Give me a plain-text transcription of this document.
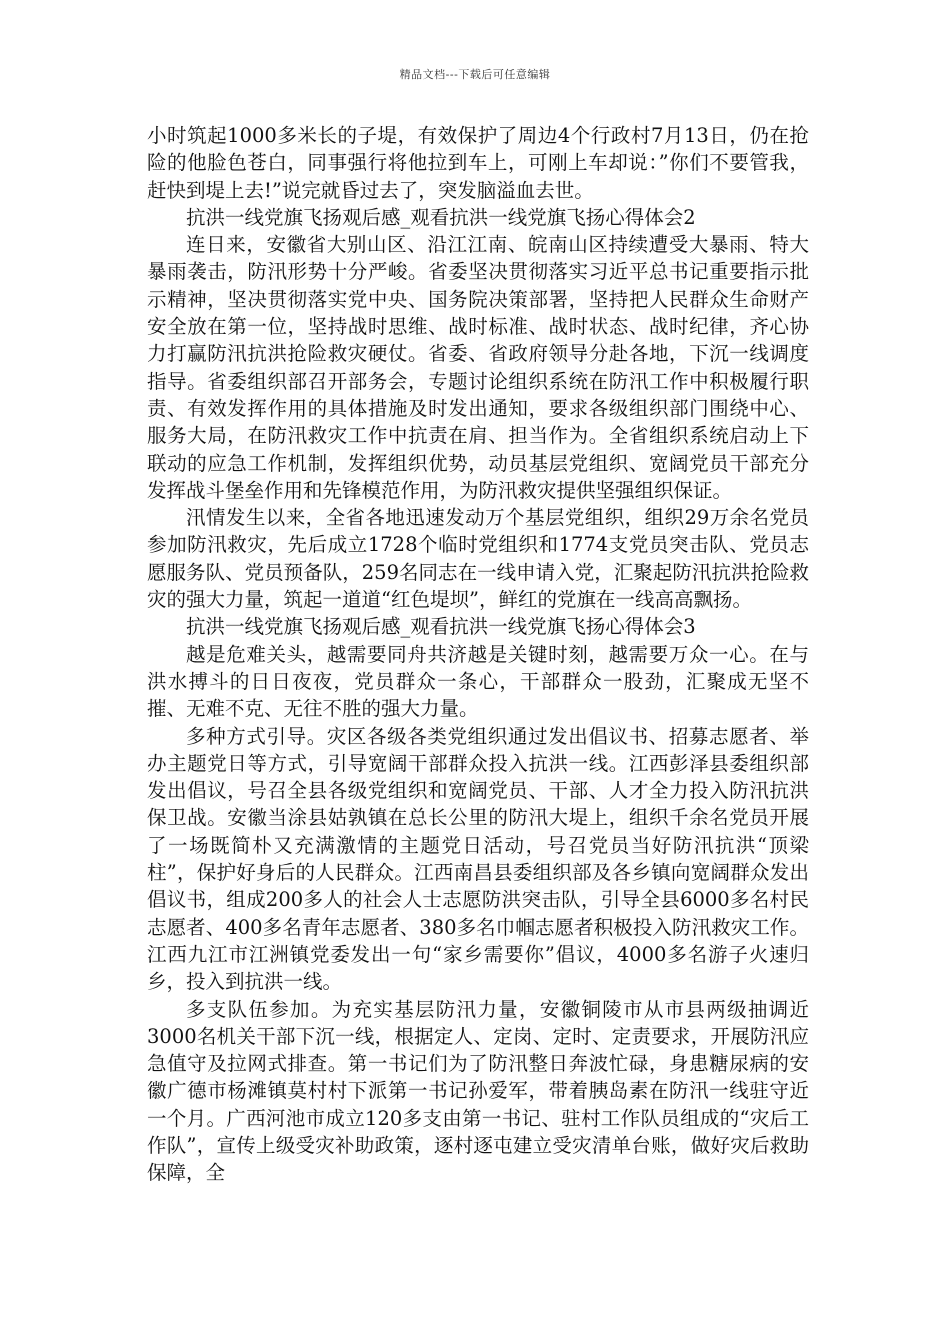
精品文档---下载后可任意编辑

小时筑起1000多米长的子堤，有效保护了周边4个行政村7月13日，仍在抢险的他脸色苍白，同事强行将他拉到车上，可刚上车却说：”你们不要管我，赶快到堤上去!”说完就昏过去了，突发脑溢血去世。

抗洪一线党旗飞扬观后感_观看抗洪一线党旗飞扬心得体会2

连日来，安徽省大别山区、沿江江南、皖南山区持续遭受大暴雨、特大暴雨袭击，防汛形势十分严峻。省委坚决贯彻落实习近平总书记重要指示批示精神，坚决贯彻落实党中央、国务院决策部署，坚持把人民群众生命财产安全放在第一位，坚持战时思维、战时标准、战时状态、战时纪律，齐心协力打赢防汛抗洪抢险救灾硬仗。省委、省政府领导分赴各地，下沉一线调度指导。省委组织部召开部务会，专题讨论组织系统在防汛工作中积极履行职责、有效发挥作用的具体措施及时发出通知，要求各级组织部门围绕中心、服务大局，在防汛救灾工作中抗责在肩、担当作为。全省组织系统启动上下联动的应急工作机制，发挥组织优势，动员基层党组织、宽阔党员干部充分发挥战斗堡垒作用和先锋模范作用，为防汛救灾提供坚强组织保证。

汛情发生以来，全省各地迅速发动万个基层党组织，组织29万余名党员参加防汛救灾，先后成立1728个临时党组织和1774支党员突击队、党员志愿服务队、党员预备队，259名同志在一线申请入党，汇聚起防汛抗洪抢险救灾的强大力量，筑起一道道“红色堤坝”，鲜红的党旗在一线高高飘扬。

抗洪一线党旗飞扬观后感_观看抗洪一线党旗飞扬心得体会3

越是危难关头，越需要同舟共济越是关键时刻，越需要万众一心。在与洪水搏斗的日日夜夜，党员群众一条心，干部群众一股劲，汇聚成无坚不摧、无难不克、无往不胜的强大力量。

多种方式引导。灾区各级各类党组织通过发出倡议书、招募志愿者、举办主题党日等方式，引导宽阔干部群众投入抗洪一线。江西彭泽县委组织部发出倡议，号召全县各级党组织和宽阔党员、干部、人才全力投入防汛抗洪保卫战。安徽当涂县姑孰镇在总长公里的防汛大堤上，组织千余名党员开展了一场既简朴又充满激情的主题党日活动，号召党员当好防汛抗洪“顶梁柱”，保护好身后的人民群众。江西南昌县委组织部及各乡镇向宽阔群众发出倡议书，组成200多人的社会人士志愿防洪突击队，引导全县6000多名村民志愿者、400多名青年志愿者、380多名巾帼志愿者积极投入防汛救灾工作。江西九江市江洲镇党委发出一句“家乡需要你”倡议，4000多名游子火速归乡，投入到抗洪一线。

多支队伍参加。为充实基层防汛力量，安徽铜陵市从市县两级抽调近3000名机关干部下沉一线，根据定人、定岗、定时、定责要求，开展防汛应急值守及拉网式排查。第一书记们为了防汛整日奔波忙碌，身患糖尿病的安徽广德市杨滩镇莫村村下派第一书记孙爱军，带着胰岛素在防汛一线驻守近一个月。广西河池市成立120多支由第一书记、驻村工作队员组成的“灾后工作队”，宣传上级受灾补助政策，逐村逐屯建立受灾清单台账，做好灾后救助保障，全
